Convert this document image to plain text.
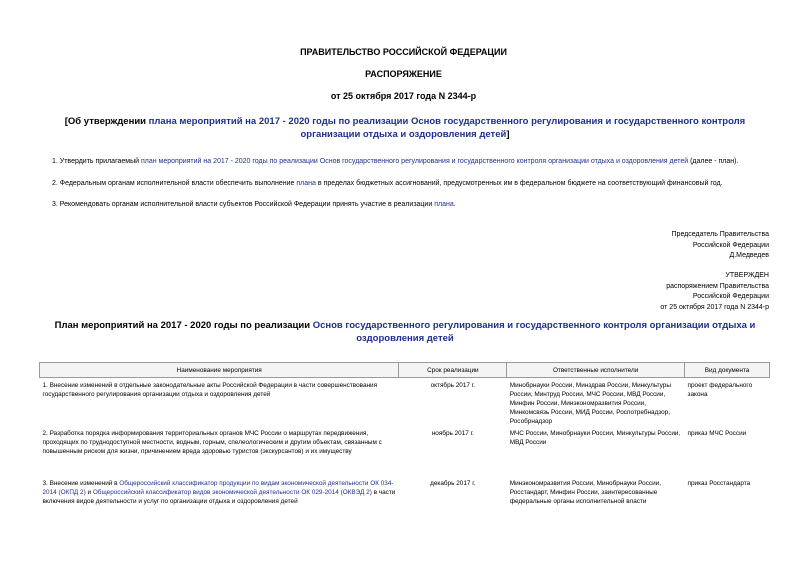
ПРАВИТЕЛЬСТВО РОССИЙСКОЙ ФЕДЕРАЦИИ
РАСПОРЯЖЕНИЕ
от 25 октября 2017 года N 2344-р
[Об утверждении плана мероприятий на 2017 - 2020 годы по реализации Основ государственного регулирования и государственного контроля организации отдыха и оздоровления детей]
1. Утвердить прилагаемый план мероприятий на 2017 - 2020 годы по реализации Основ государственного регулирования и государственного контроля организации отдыха и оздоровления детей (далее - план).
2. Федеральным органам исполнительной власти обеспечить выполнение плана в пределах бюджетных ассигнований, предусмотренных им в федеральном бюджете на соответствующий финансовый год.
3. Рекомендовать органам исполнительной власти субъектов Российской Федерации принять участие в реализации плана.
Председатель Правительства
Российской Федерации
Д.Медведев
УТВЕРЖДЕН
распоряжением Правительства
Российской Федерации
от 25 октября 2017 года N 2344-р
План мероприятий на 2017 - 2020 годы по реализации Основ государственного регулирования и государственного контроля организации отдыха и оздоровления детей
Наименование мероприятия	Срок реализации	Ответственные исполнители	Вид документа
1. Внесение изменений в отдельные законодательные акты Российской Федерации в части совершенствования государственного регулирования организации отдыха и оздоровления детей	октябрь 2017 г.	Минобрнауки России, Минздрав России, Минкультуры России, Минтруд России, МЧС России, МВД России, Минфин России, Минэкономразвития России, Минкомсвязь России, МИД России, Роспотребнадзор, Рособрнадзор	проект федерального закона
2. Разработка порядка информирования территориальных органов МЧС России о маршрутах передвижения, проходящих по труднодоступной местности, водным, горным, спелеологическим и другим объектам, связанным с повышенным риском для жизни, причинением вреда здоровью туристов (экскурсантов) и их имуществу	ноябрь 2017 г.	МЧС России, Минобрнауки России, Минкультуры России, МВД России	приказ МЧС России
3. Внесение изменений в Общероссийский классификатор продукции по видам экономической деятельности ОК 034-2014 (ОКПД 2) и Общероссийский классификатор видов экономической деятельности ОК 029-2014 (ОКВЭД 2) в части включения видов деятельности и услуг по организации отдыха и оздоровления детей	декабрь 2017 г.	Минэкономразвития России, Минобрнауки России, Росстандарт, Минфин России, заинтересованные федеральные органы исполнительной власти	приказ Росстандарта
